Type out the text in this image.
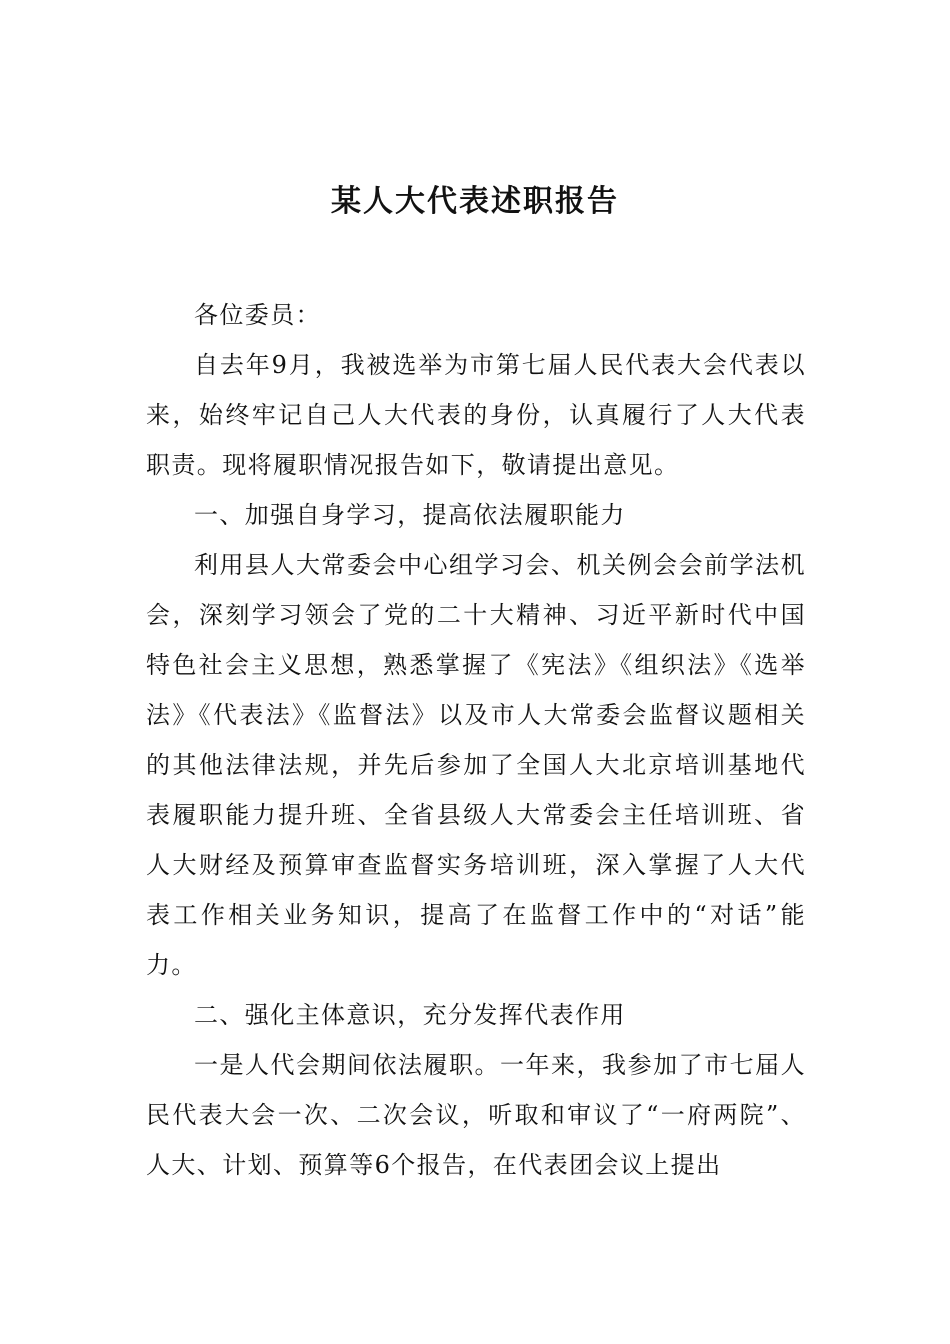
某人大代表述职报告

各位委员：

自去年9月，我被选举为市第七届人民代表大会代表以来，始终牢记自己人大代表的身份，认真履行了人大代表职责。现将履职情况报告如下，敬请提出意见。

一、加强自身学习，提高依法履职能力

利用县人大常委会中心组学习会、机关例会会前学法机会，深刻学习领会了党的二十大精神、习近平新时代中国特色社会主义思想，熟悉掌握了《宪法》《组织法》《选举法》《代表法》《监督法》以及市人大常委会监督议题相关的其他法律法规，并先后参加了全国人大北京培训基地代表履职能力提升班、全省县级人大常委会主任培训班、省人大财经及预算审查监督实务培训班，深入掌握了人大代表工作相关业务知识，提高了在监督工作中的“对话”能力。

二、强化主体意识，充分发挥代表作用

一是人代会期间依法履职。一年来，我参加了市七届人民代表大会一次、二次会议，听取和审议了“一府两院”、人大、计划、预算等6个报告，在代表团会议上提出
